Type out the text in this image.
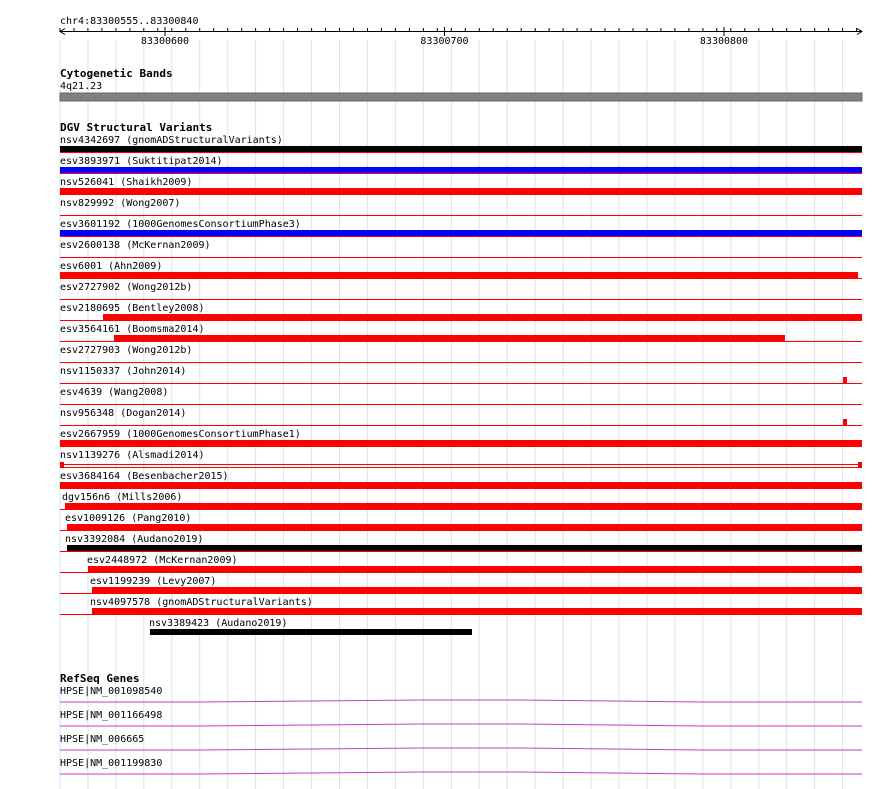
chr4:83300555..83300840
83300600	83300700	83300800
Cytogenetic Bands
4q21.23
DGV Structural Variants
nsv4342697 (gnomADStructuralVariants)
esv3893971 (Suktitipat2014)
nsv526041 (Shaikh2009)
nsv829992 (Wong2007)
esv3601192 (1000GenomesConsortiumPhase3)
esv2600138 (McKernan2009)
esv6001 (Ahn2009)
esv2727902 (Wong2012b)
esv2180695 (Bentley2008)
esv3564161 (Boomsma2014)
esv2727903 (Wong2012b)
nsv1150337 (John2014)
esv4639 (Wang2008)
nsv956348 (Dogan2014)
esv2667959 (1000GenomesConsortiumPhase1)
nsv1139276 (Alsmadi2014)
esv3684164 (Besenbacher2015)
dgv156n6 (Mills2006)
esv1009126 (Pang2010)
nsv3392084 (Audano2019)
esv2448972 (McKernan2009)
esv1199239 (Levy2007)
nsv4097578 (gnomADStructuralVariants)
nsv3389423 (Audano2019)
RefSeq Genes
HPSE|NM_001098540
HPSE|NM_001166498
HPSE|NM_006665
HPSE|NM_001199830
